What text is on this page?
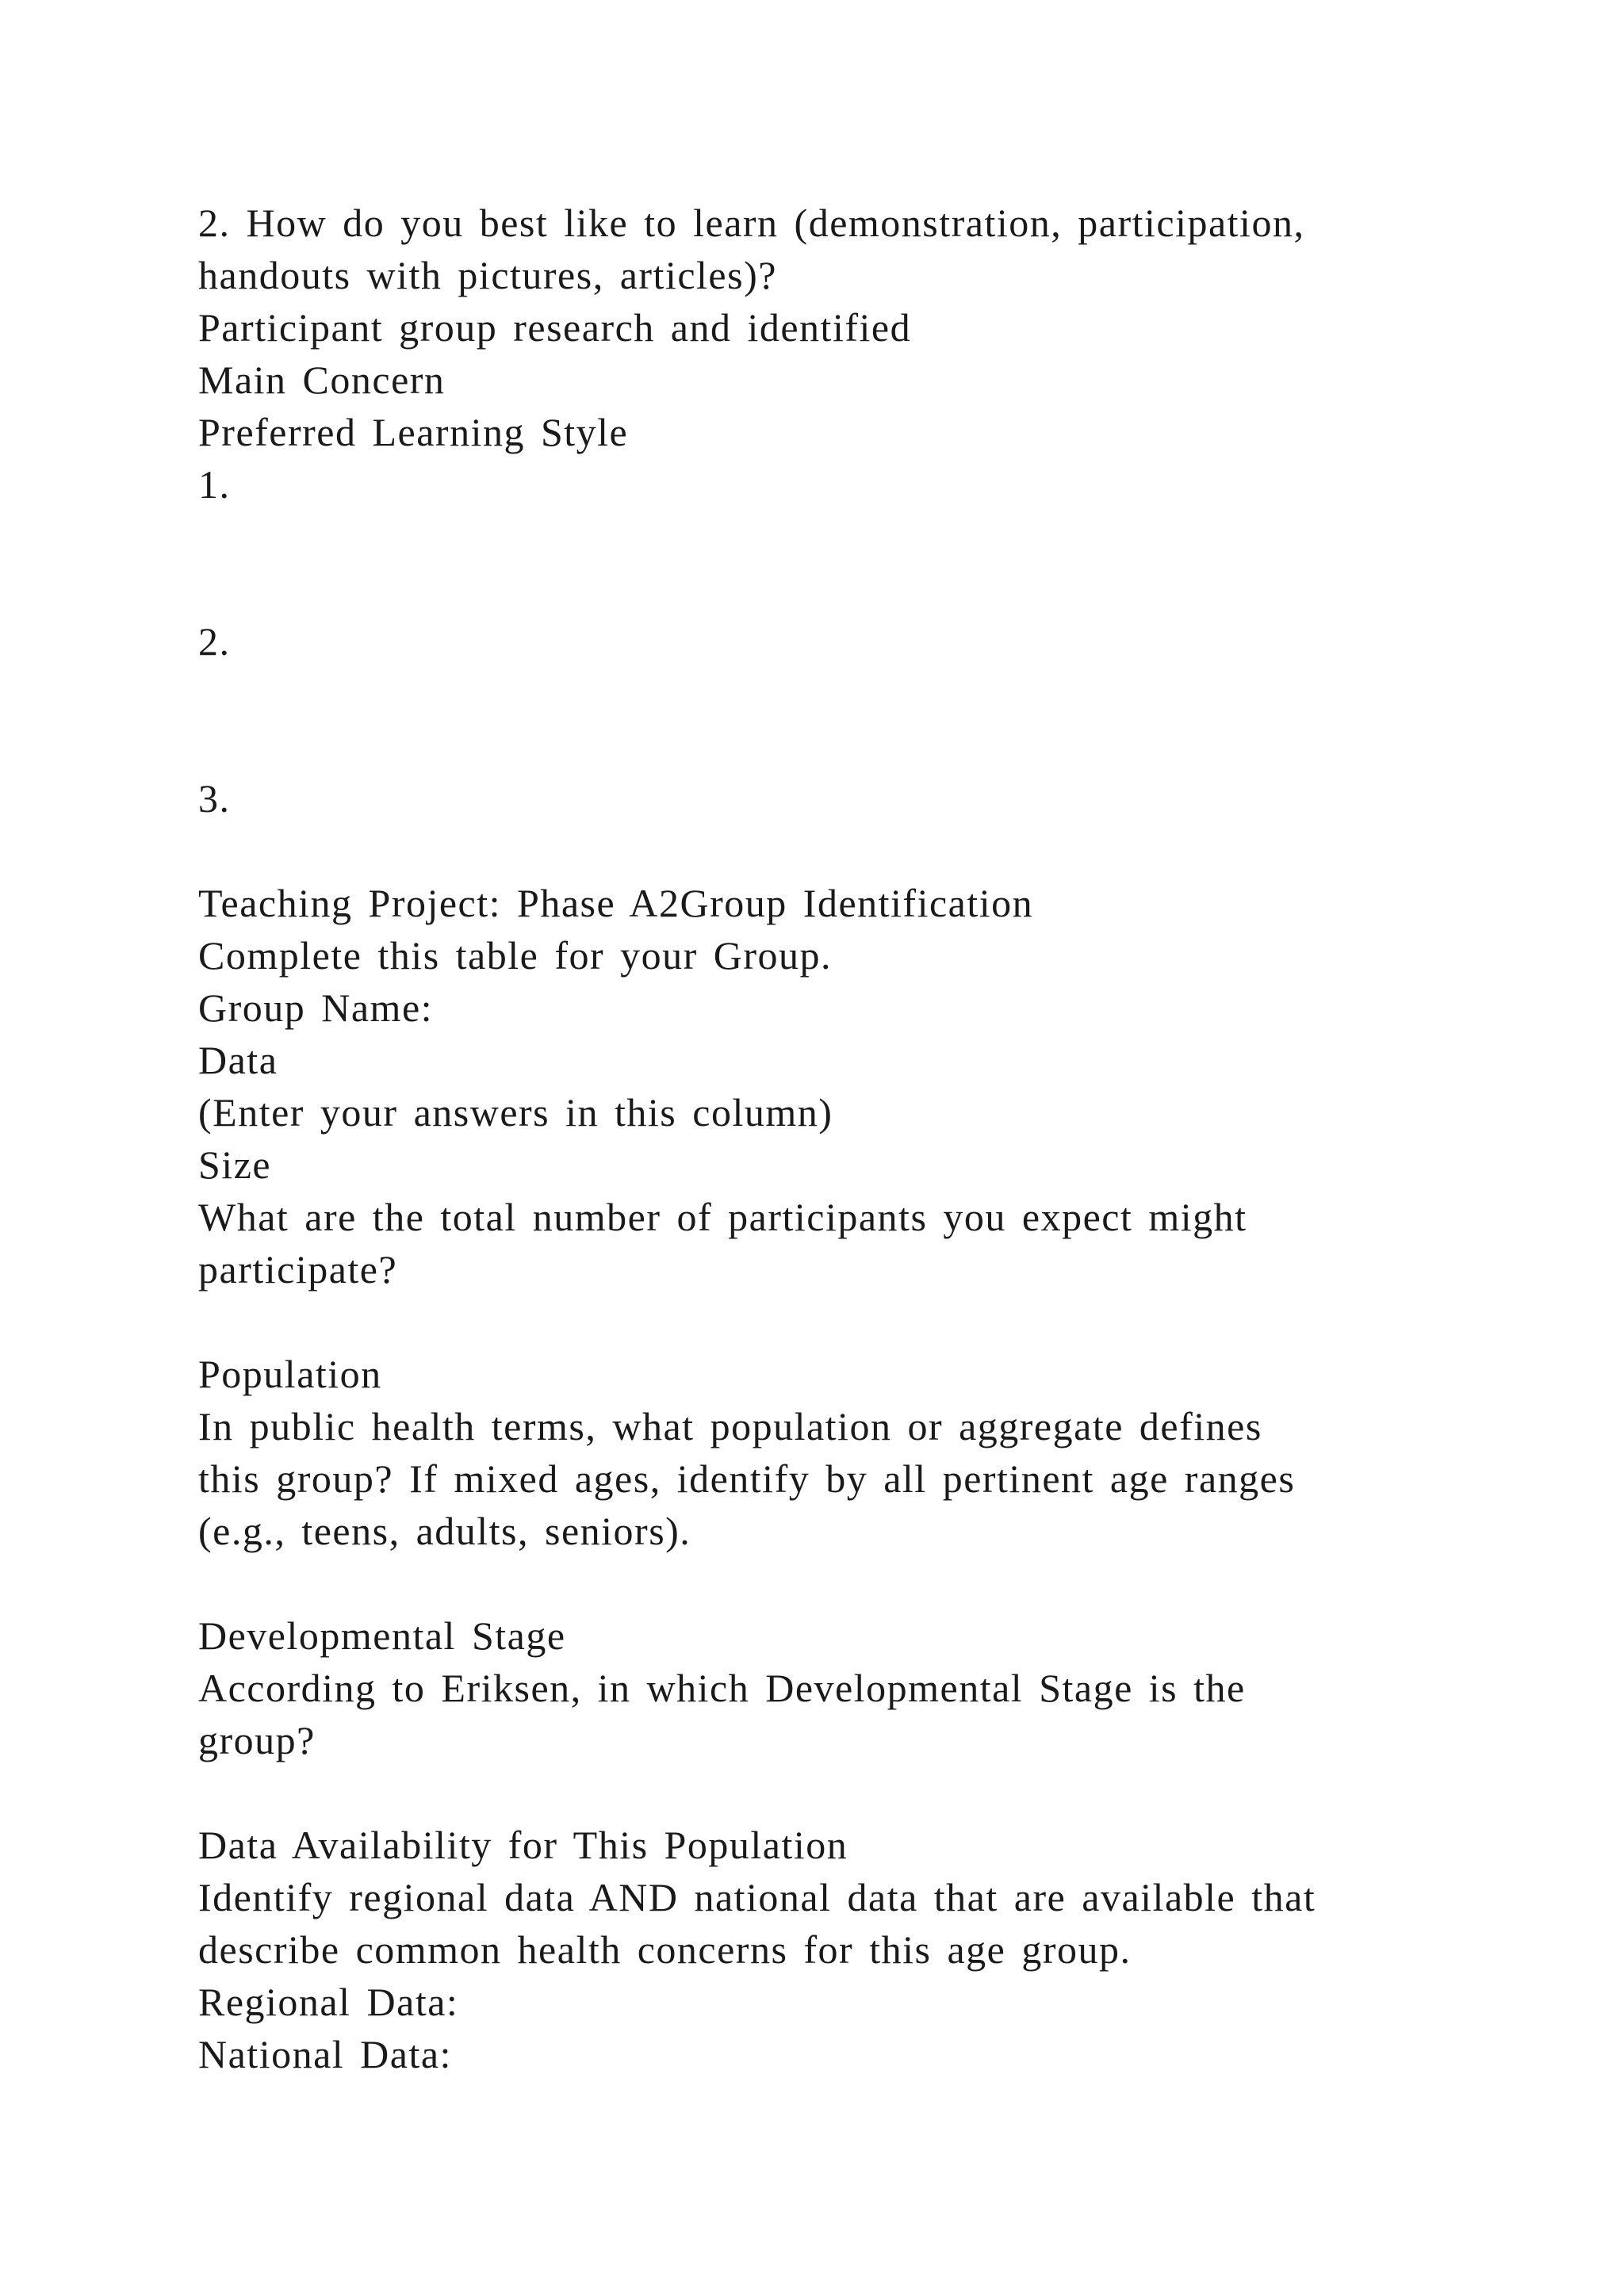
2. How do you best like to learn (demonstration, participation,
handouts with pictures, articles)?
Participant group research and identified
Main Concern
Preferred Learning Style
1.
2.
3.
Teaching Project: Phase A2Group Identification
Complete this table for your Group.
Group Name:
Data
(Enter your answers in this column)
Size
What are the total number of participants you expect might
participate?
Population
In public health terms, what population or aggregate defines
this group? If mixed ages, identify by all pertinent age ranges
(e.g., teens, adults, seniors).
Developmental Stage
According to Eriksen, in which Developmental Stage is the
group?
Data Availability for This Population
Identify regional data AND national data that are available that
describe common health concerns for this age group.
Regional Data:
National Data:
